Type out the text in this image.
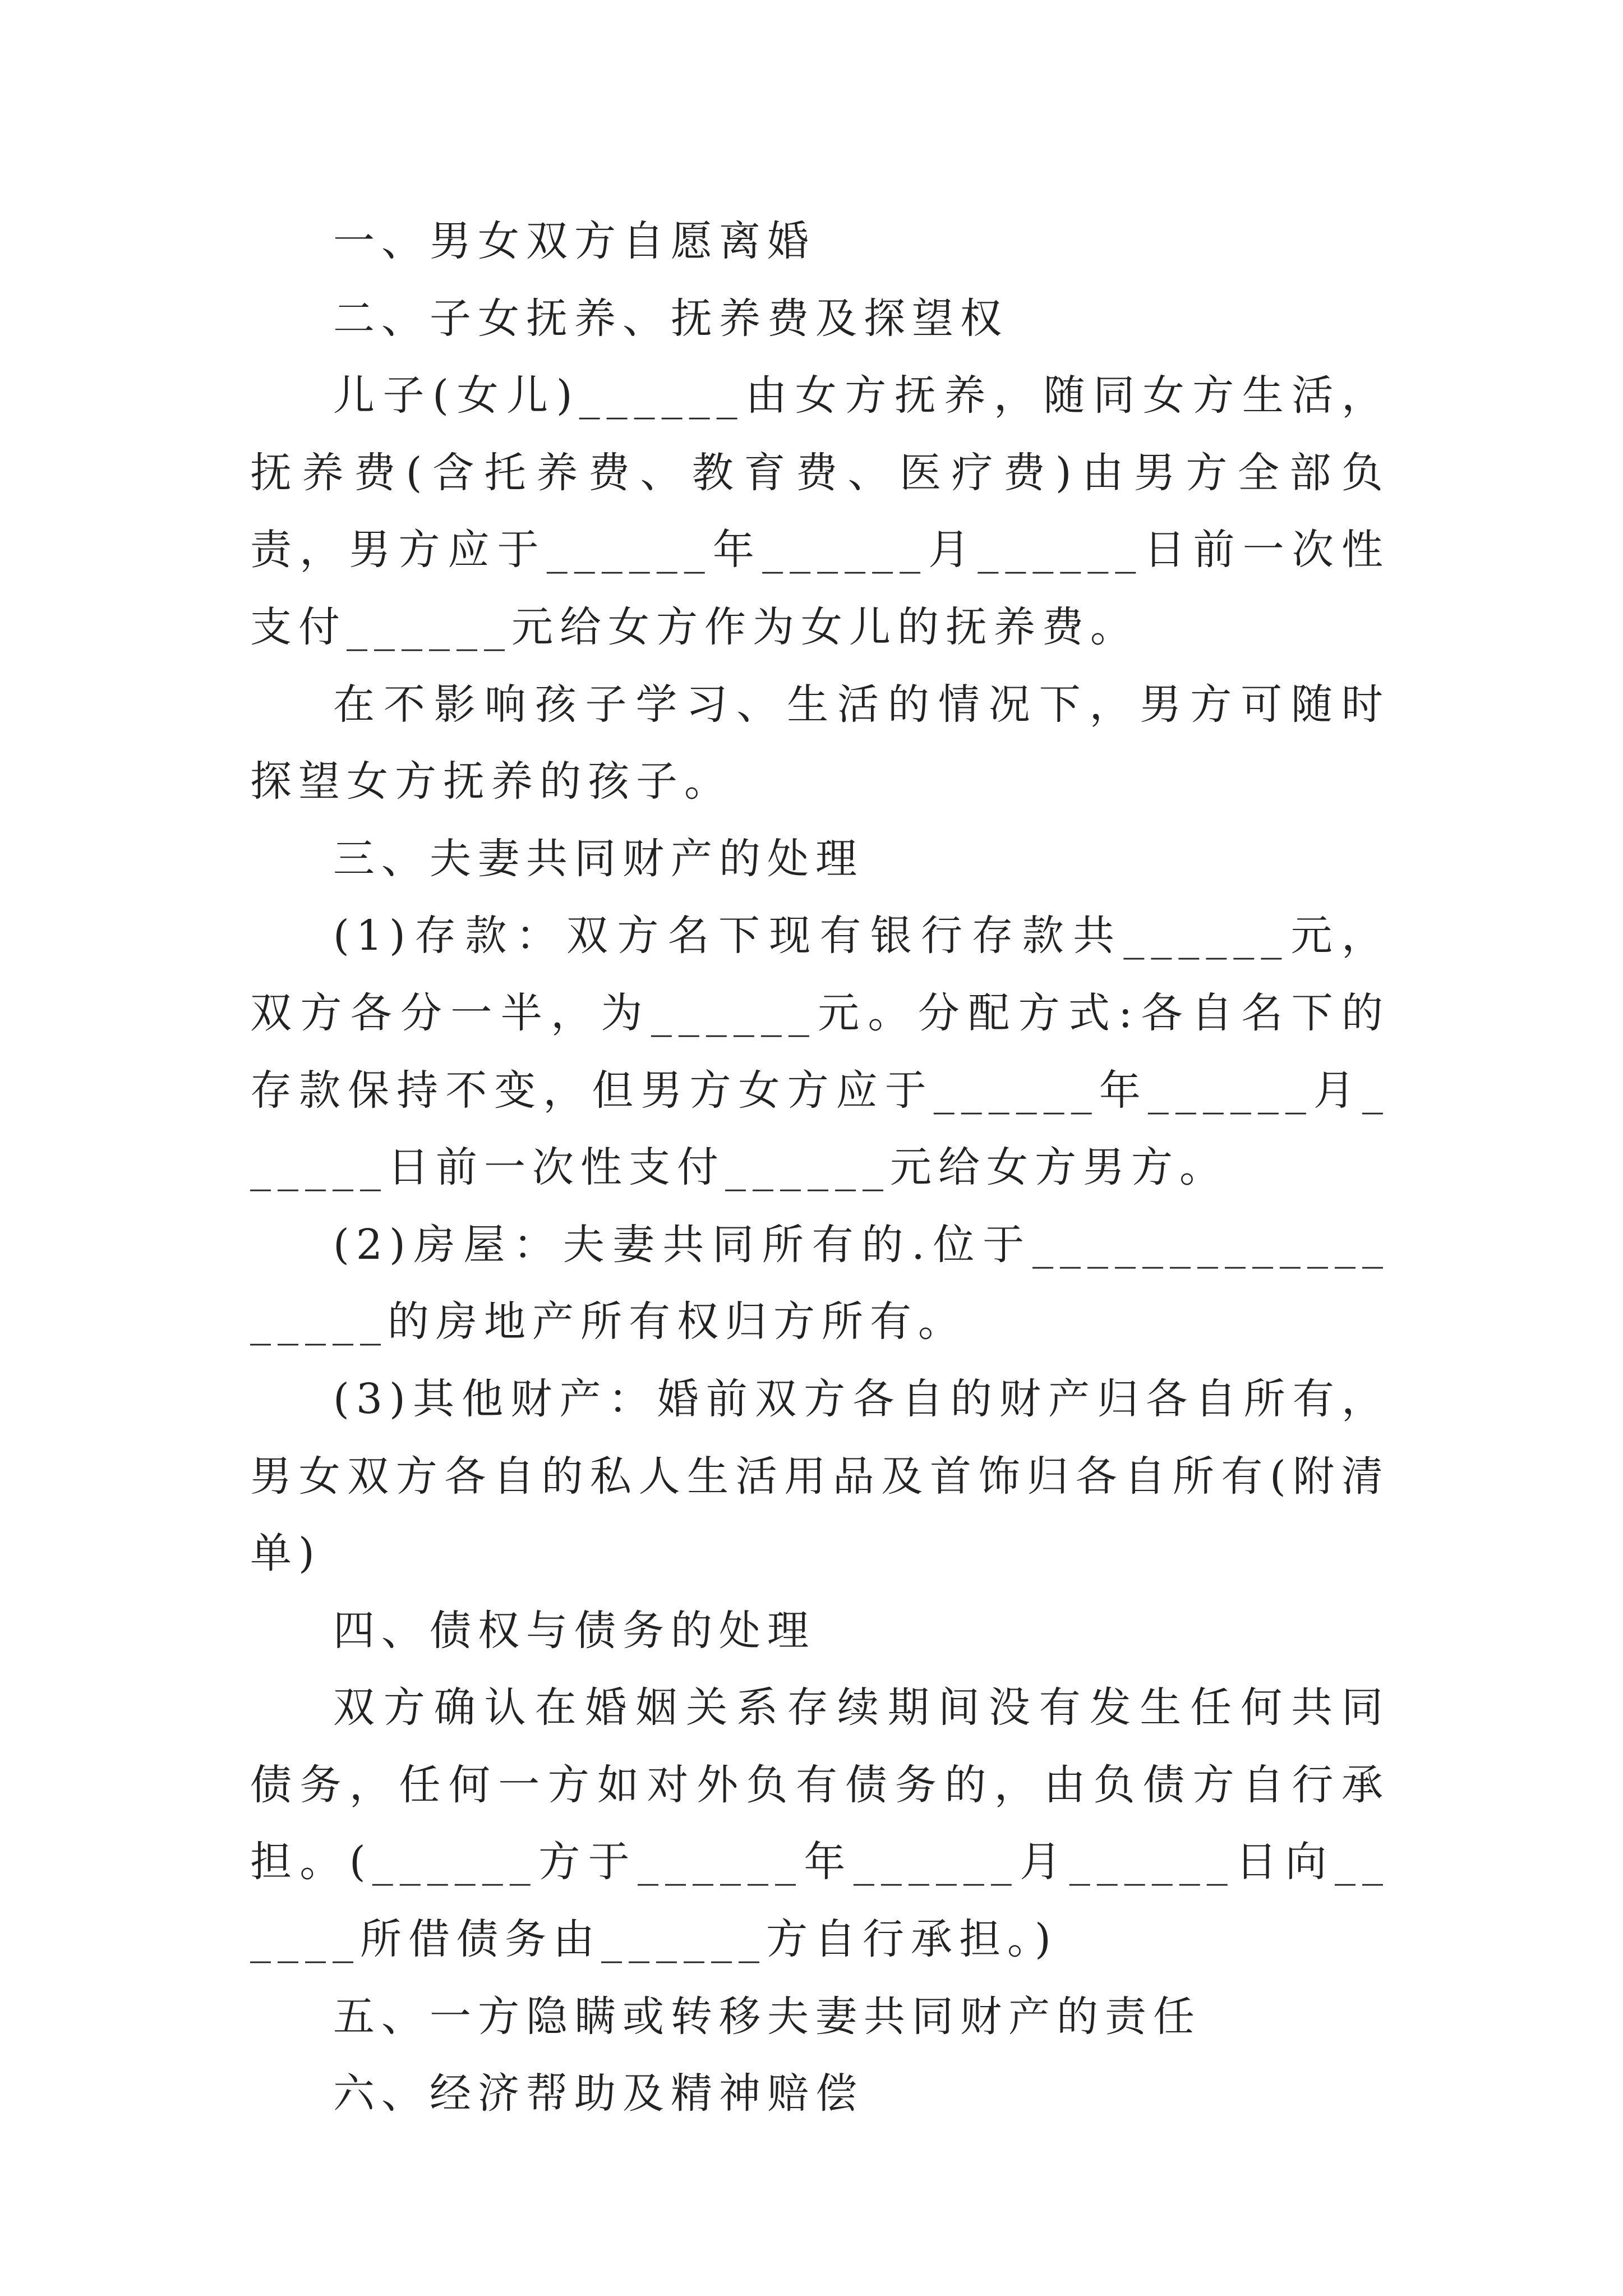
一、男女双方自愿离婚

二、子女抚养、抚养费及探望权

儿子(女儿)______由女方抚养，随同女方生活，抚养费(含托养费、教育费、医疗费)由男方全部负责，男方应于______年______月______日前一次性支付______元给女方作为女儿的抚养费。

在不影响孩子学习、生活的情况下，男方可随时探望女方抚养的孩子。

三、夫妻共同财产的处理

(1)存款：双方名下现有银行存款共______元，双方各分一半，为______元。分配方式:各自名下的存款保持不变，但男方女方应于______年______月______日前一次性支付______元给女方男方。

(2)房屋：夫妻共同所有的.位于__________________的房地产所有权归方所有。

(3)其他财产：婚前双方各自的财产归各自所有，男女双方各自的私人生活用品及首饰归各自所有(附清单)

四、债权与债务的处理

双方确认在婚姻关系存续期间没有发生任何共同债务，任何一方如对外负有债务的，由负债方自行承担。(______方于______年______月______日向______所借债务由______方自行承担。)

五、一方隐瞒或转移夫妻共同财产的责任

六、经济帮助及精神赔偿
